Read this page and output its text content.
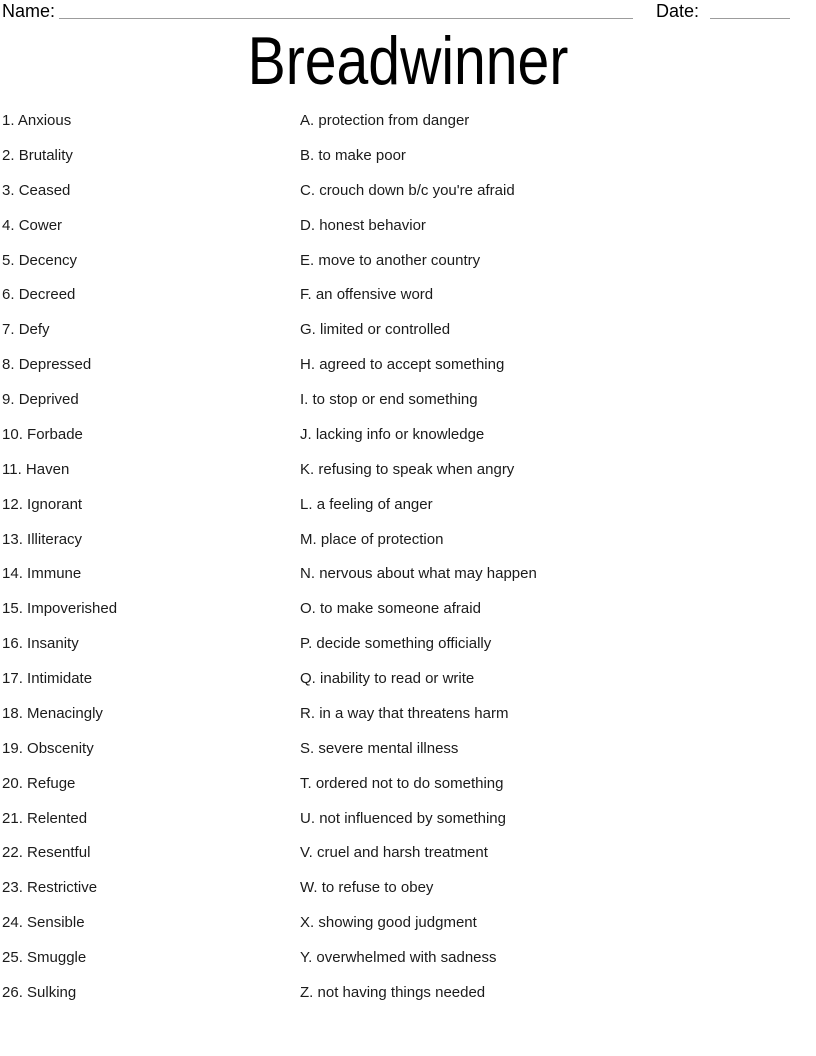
Name:	Date:
Breadwinner
1. Anxious
2. Brutality
3. Ceased
4. Cower
5. Decency
6. Decreed
7. Defy
8. Depressed
9. Deprived
10. Forbade
11. Haven
12. Ignorant
13. Illiteracy
14. Immune
15. Impoverished
16. Insanity
17. Intimidate
18. Menacingly
19. Obscenity
20. Refuge
21. Relented
22. Resentful
23. Restrictive
24. Sensible
25. Smuggle
26. Sulking
A. protection from danger
B. to make poor
C. crouch down b/c you're afraid
D. honest behavior
E. move to another country
F. an offensive word
G. limited or controlled
H. agreed to accept something
I. to stop or end something
J. lacking info or knowledge
K. refusing to speak when angry
L. a feeling of anger
M. place of protection
N. nervous about what may happen
O. to make someone afraid
P. decide something officially
Q. inability to read or write
R. in a way that threatens harm
S. severe mental illness
T. ordered not to do something
U. not influenced by something
V. cruel and harsh treatment
W. to refuse to obey
X. showing good judgment
Y. overwhelmed with sadness
Z. not having things needed
